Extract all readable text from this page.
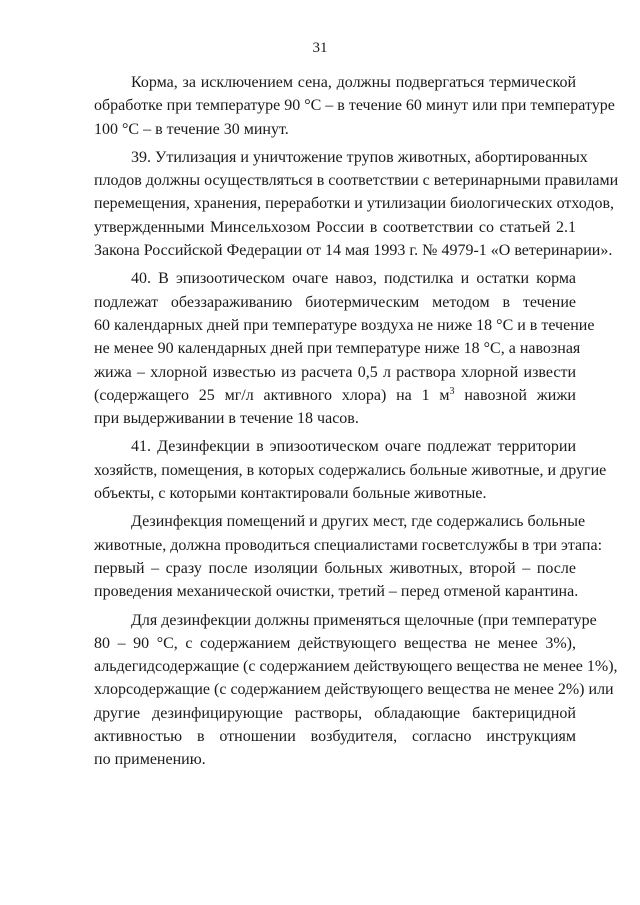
31
Корма, за исключением сена, должны подвергаться термической
обработке при температуре 90 °С – в течение 60 минут или при температуре
100 °С – в течение 30 минут.
39. Утилизация и уничтожение трупов животных, абортированных
плодов должны осуществляться в соответствии с ветеринарными правилами
перемещения, хранения, переработки и утилизации биологических отходов,
утвержденными Минсельхозом России в соответствии со статьей 2.1
Закона Российской Федерации от 14 мая 1993 г. № 4979-1 «О ветеринарии».
40. В эпизоотическом очаге навоз, подстилка и остатки корма
подлежат обеззараживанию биотермическим методом в течение
60 календарных дней при температуре воздуха не ниже 18 °С и в течение
не менее 90 календарных дней при температуре ниже 18 °С, а навозная
жижа – хлорной известью из расчета 0,5 л раствора хлорной извести
(содержащего 25 мг/л активного хлора) на 1 $м^3$ навозной жижи
при выдерживании в течение 18 часов.
41. Дезинфекции в эпизоотическом очаге подлежат территории
хозяйств, помещения, в которых содержались больные животные, и другие
объекты, с которыми контактировали больные животные.
Дезинфекция помещений и других мест, где содержались больные
животные, должна проводиться специалистами госветслужбы в три этапа:
первый – сразу после изоляции больных животных, второй – после
проведения механической очистки, третий – перед отменой карантина.
Для дезинфекции должны применяться щелочные (при температуре
80 – 90 °С, с содержанием действующего вещества не менее 3%),
альдегидсодержащие (с содержанием действующего вещества не менее 1%),
хлорсодержащие (с содержанием действующего вещества не менее 2%) или
другие дезинфицирующие растворы, обладающие бактерицидной
активностью в отношении возбудителя, согласно инструкциям
по применению.
